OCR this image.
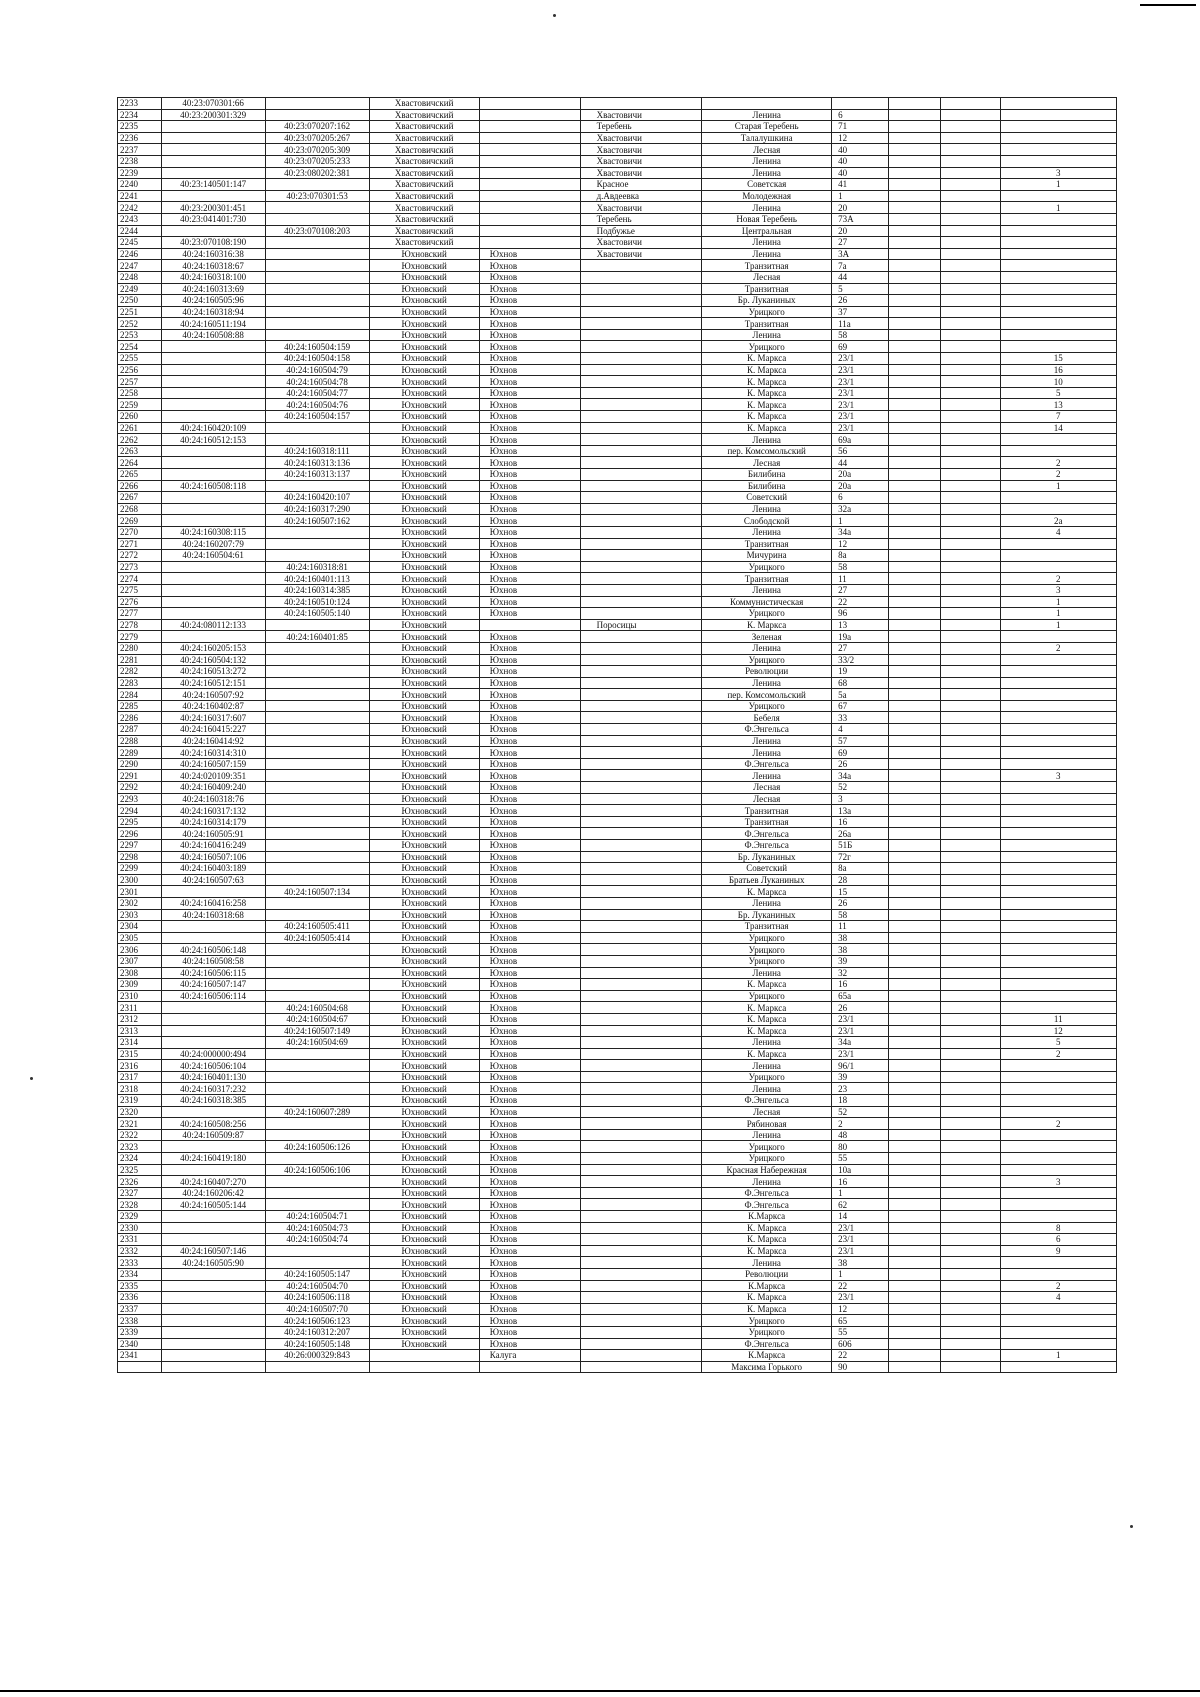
2233	40:23:070301:66		Хвастовичский							
2234	40:23:200301:329		Хвастовичский		Хвастовичи	Ленина	6			
2235		40:23:070207:162	Хвастовичский		Теребень	Старая Теребень	71			
2236		40:23:070205:267	Хвастовичский		Хвастовичи	Талалушкина	12			
2237		40:23:070205:309	Хвастовичский		Хвастовичи	Лесная	40			
2238		40:23:070205:233	Хвастовичский		Хвастовичи	Ленина	40			
2239		40:23:080202:381	Хвастовичский		Хвастовичи	Ленина	40			3
2240	40:23:140501:147		Хвастовичский		Красное	Советская	41			1
2241		40:23:070301:53	Хвастовичский		д.Авдеевка	Молодежная	1			
2242	40:23:200301:451		Хвастовичский		Хвастовичи	Ленина	20			1
2243	40:23:041401:730		Хвастовичский		Теребень	Новая Теребень	73А			
2244		40:23:070108:203	Хвастовичский		Подбужье	Центральная	20			
2245	40:23:070108:190		Хвастовичский		Хвастовичи	Ленина	27			
2246	40:24:160316:38		Юхновский	Юхнов	Хвастовичи	Ленина	3А			
2247	40:24:160318:67		Юхновский	Юхнов		Транзитная	7а			
2248	40:24:160318:100		Юхновский	Юхнов		Лесная	44			
2249	40:24:160313:69		Юхновский	Юхнов		Транзитная	5			
2250	40:24:160505:96		Юхновский	Юхнов		Бр. Луканиных	26			
2251	40:24:160318:94		Юхновский	Юхнов		Урицкого	37			
2252	40:24:160511:194		Юхновский	Юхнов		Транзитная	11а			
2253	40:24:160508:88		Юхновский	Юхнов		Ленина	58			
2254		40:24:160504:159	Юхновский	Юхнов		Урицкого	69			
2255		40:24:160504:158	Юхновский	Юхнов		К. Маркса	23/1			15
2256		40:24:160504:79	Юхновский	Юхнов		К. Маркса	23/1			16
2257		40:24:160504:78	Юхновский	Юхнов		К. Маркса	23/1			10
2258		40:24:160504:77	Юхновский	Юхнов		К. Маркса	23/1			5
2259		40:24:160504:76	Юхновский	Юхнов		К. Маркса	23/1			13
2260		40:24:160504:157	Юхновский	Юхнов		К. Маркса	23/1			7
2261	40:24:160420:109		Юхновский	Юхнов		К. Маркса	23/1			14
2262	40:24:160512:153		Юхновский	Юхнов		Ленина	69а			
2263		40:24:160318:111	Юхновский	Юхнов		пер. Комсомольский	56			
2264		40:24:160313:136	Юхновский	Юхнов		Лесная	44			2
2265		40:24:160313:137	Юхновский	Юхнов		Билибина	20а			2
2266	40:24:160508:118		Юхновский	Юхнов		Билибина	20а			1
2267		40:24:160420:107	Юхновский	Юхнов		Советский	6			
2268		40:24:160317:290	Юхновский	Юхнов		Ленина	32а			
2269		40:24:160507:162	Юхновский	Юхнов		Слободской	1			2а
2270	40:24:160308:115		Юхновский	Юхнов		Ленина	34а			4
2271	40:24:160207:79		Юхновский	Юхнов		Транзитная	12			
2272	40:24:160504:61		Юхновский	Юхнов		Мичурина	8а			
2273		40:24:160318:81	Юхновский	Юхнов		Урицкого	58			
2274		40:24:160401:113	Юхновский	Юхнов		Транзитная	11			2
2275		40:24:160314:385	Юхновский	Юхнов		Ленина	27			3
2276		40:24:160510:124	Юхновский	Юхнов		Коммунистическая	22			1
2277		40:24:160505:140	Юхновский	Юхнов		Урицкого	96			1
2278	40:24:080112:133		Юхновский		Поросицы	К. Маркса	13			1
2279		40:24:160401:85	Юхновский	Юхнов		Зеленая	19а			
2280	40:24:160205:153		Юхновский	Юхнов		Ленина	27			2
2281	40:24:160504:132		Юхновский	Юхнов		Урицкого	33/2			
2282	40:24:160513:272		Юхновский	Юхнов		Революции	19			
2283	40:24:160512:151		Юхновский	Юхнов		Ленина	68			
2284	40:24:160507:92		Юхновский	Юхнов		пер. Комсомольский	5а			
2285	40:24:160402:87		Юхновский	Юхнов		Урицкого	67			
2286	40:24:160317:607		Юхновский	Юхнов		Бебеля	33			
2287	40:24:160415:227		Юхновский	Юхнов		Ф.Энгельса	4			
2288	40:24:160414:92		Юхновский	Юхнов		Ленина	57			
2289	40:24:160314:310		Юхновский	Юхнов		Ленина	69			
2290	40:24:160507:159		Юхновский	Юхнов		Ф.Энгельса	26			
2291	40:24:020109:351		Юхновский	Юхнов		Ленина	34а			3
2292	40:24:160409:240		Юхновский	Юхнов		Лесная	52			
2293	40:24:160318:76		Юхновский	Юхнов		Лесная	3			
2294	40:24:160317:132		Юхновский	Юхнов		Транзитная	13а			
2295	40:24:160314:179		Юхновский	Юхнов		Транзитная	16			
2296	40:24:160505:91		Юхновский	Юхнов		Ф.Энгельса	26а			
2297	40:24:160416:249		Юхновский	Юхнов		Ф.Энгельса	51Б			
2298	40:24:160507:106		Юхновский	Юхнов		Бр. Луканиных	72г			
2299	40:24:160403:189		Юхновский	Юхнов		Советский	8а			
2300	40:24:160507:63		Юхновский	Юхнов		Братьев Луканиных	28			
2301		40:24:160507:134	Юхновский	Юхнов		К. Маркса	15			
2302	40:24:160416:258		Юхновский	Юхнов		Ленина	26			
2303	40:24:160318:68		Юхновский	Юхнов		Бр. Луканиных	58			
2304		40:24:160505:411	Юхновский	Юхнов		Транзитная	11			
2305		40:24:160505:414	Юхновский	Юхнов		Урицкого	38			
2306	40:24:160506:148		Юхновский	Юхнов		Урицкого	38			
2307	40:24:160508:58		Юхновский	Юхнов		Урицкого	39			
2308	40:24:160506:115		Юхновский	Юхнов		Ленина	32			
2309	40:24:160507:147		Юхновский	Юхнов		К. Маркса	16			
2310	40:24:160506:114		Юхновский	Юхнов		Урицкого	65а			
2311		40:24:160504:68	Юхновский	Юхнов		К. Маркса	26			
2312		40:24:160504:67	Юхновский	Юхнов		К. Маркса	23/1			11
2313		40:24:160507:149	Юхновский	Юхнов		К. Маркса	23/1			12
2314		40:24:160504:69	Юхновский	Юхнов		Ленина	34а			5
2315	40:24:000000:494		Юхновский	Юхнов		К. Маркса	23/1			2
2316	40:24:160506:104		Юхновский	Юхнов		Ленина	96/1			
2317	40:24:160401:130		Юхновский	Юхнов		Урицкого	39			
2318	40:24:160317:232		Юхновский	Юхнов		Ленина	23			
2319	40:24:160318:385		Юхновский	Юхнов		Ф.Энгельса	18			
2320		40:24:160607:289	Юхновский	Юхнов		Лесная	52			
2321	40:24:160508:256		Юхновский	Юхнов		Рябиновая	2			2
2322	40:24:160509:87		Юхновский	Юхнов		Ленина	48			
2323		40:24:160506:126	Юхновский	Юхнов		Урицкого	80			
2324	40:24:160419:180		Юхновский	Юхнов		Урицкого	55			
2325		40:24:160506:106	Юхновский	Юхнов		Красная Набережная	10а			
2326	40:24:160407:270		Юхновский	Юхнов		Ленина	16			3
2327	40:24:160206:42		Юхновский	Юхнов		Ф.Энгельса	1			
2328	40:24:160505:144		Юхновский	Юхнов		Ф.Энгельса	62			
2329		40:24:160504:71	Юхновский	Юхнов		К.Маркса	14			
2330		40:24:160504:73	Юхновский	Юхнов		К. Маркса	23/1			8
2331		40:24:160504:74	Юхновский	Юхнов		К. Маркса	23/1			6
2332	40:24:160507:146		Юхновский	Юхнов		К. Маркса	23/1			9
2333	40:24:160505:90		Юхновский	Юхнов		Ленина	38			
2334		40:24:160505:147	Юхновский	Юхнов		Революции	1			
2335		40:24:160504:70	Юхновский	Юхнов		К.Маркса	22			2
2336		40:24:160506:118	Юхновский	Юхнов		К. Маркса	23/1			4
2337		40:24:160507:70	Юхновский	Юхнов		К. Маркса	12			
2338		40:24:160506:123	Юхновский	Юхнов		Урицкого	65			
2339		40:24:160312:207	Юхновский	Юхнов		Урицкого	55			
2340		40:24:160505:148	Юхновский	Юхнов		Ф.Энгельса	606			
2341		40:26:000329:843		Калуга		К.Маркса	22			1
						Максима Горького	90			
